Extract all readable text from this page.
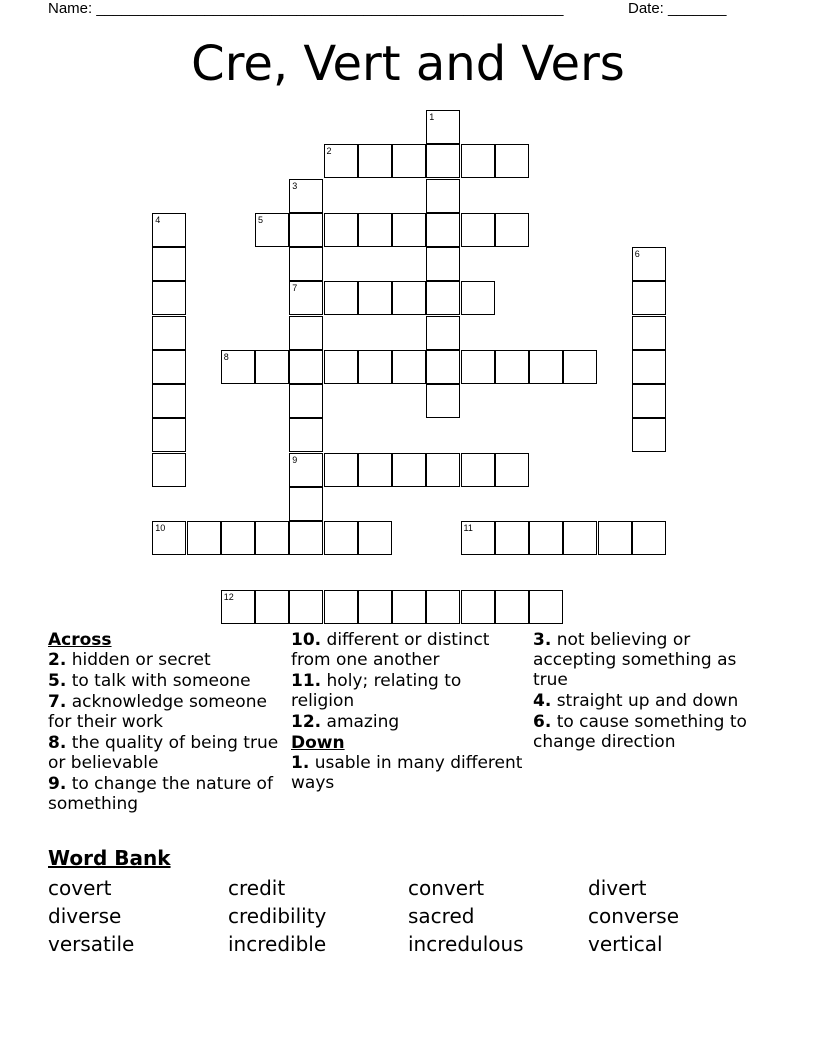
Name: ________________________________________________________	Date: _______
Cre, Vert and Vers
1
2
3
7
9
4	5
6
8
10	11
12
Across
2. hidden or secret
5. to talk with someone
7. acknowledge someone for their work
8. the quality of being true or believable
9. to change the nature of something
10. different or distinct from one another
11. holy; relating to religion
12. amazing
Down
1. usable in many different ways
3. not believing or accepting something as true
4. straight up and down
6. to cause something to change direction
Word Bank
covert	credit	convert	divert
diverse	credibility	sacred	converse
versatile	incredible	incredulous	vertical
